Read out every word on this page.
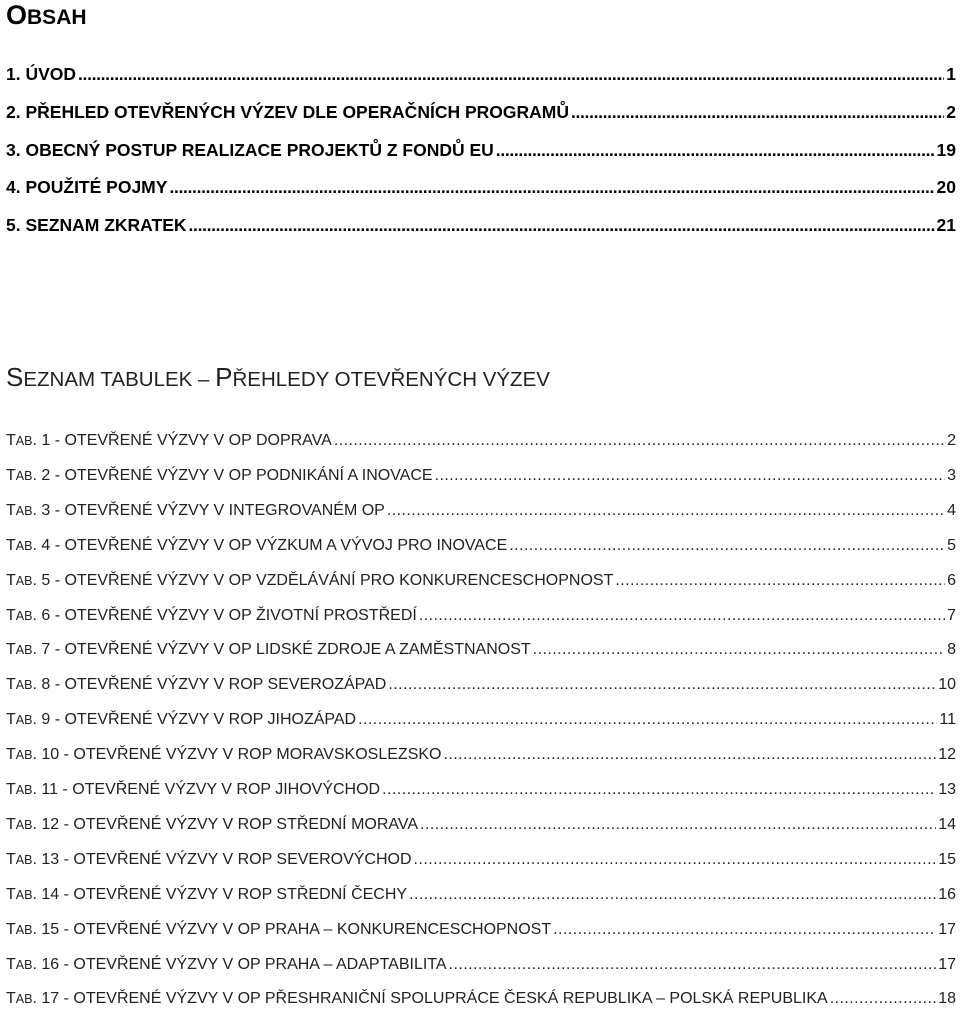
OBSAH
1. ÚVOD . . .	1
2. PŘEHLED OTEVŘENÝCH VÝZEV DLE OPERAČNÍCH PROGRAMŮ . . .	2
3. OBECNÝ POSTUP REALIZACE PROJEKTŮ Z FONDŮ EU . . .	19
4. POUŽITÉ POJMY . . .	20
5. SEZNAM ZKRATEK . . .	21
SEZNAM TABULEK – PŘEHLEDY OTEVŘENÝCH VÝZEV
T AB . 1 - OTEVŘENÉ VÝZVY V OP DOPRAVA . . .	2
T AB . 2 - OTEVŘENÉ VÝZVY V OP PODNIKÁNÍ A INOVACE . . .	3
T AB . 3 - OTEVŘENÉ VÝZVY V INTEGROVANÉM OP . . .	4
T AB . 4 - OTEVŘENÉ VÝZVY V OP VÝZKUM A VÝVOJ PRO INOVACE . . .	5
T AB . 5 - OTEVŘENÉ VÝZVY V OP VZDĚLÁVÁNÍ PRO KONKURENCESCHOPNOST . . .	6
T AB . 6 - OTEVŘENÉ VÝZVY V OP ŽIVOTNÍ PROSTŘEDÍ . . .	7
T AB . 7 - OTEVŘENÉ VÝZVY V OP LIDSKÉ ZDROJE A ZAMĚSTNANOST . . .	8
T AB . 8 - OTEVŘENÉ VÝZVY V ROP SEVEROZÁPAD . . .	10
T AB . 9 - OTEVŘENÉ VÝZVY V ROP JIHOZÁPAD . . .	11
T AB . 10 - OTEVŘENÉ VÝZVY V ROP MORAVSKOSLEZSKO . . .	12
T AB . 11 - OTEVŘENÉ VÝZVY V ROP JIHOVÝCHOD . . .	13
T AB . 12 - OTEVŘENÉ VÝZVY V ROP STŘEDNÍ MORAVA . . .	14
T AB . 13 - OTEVŘENÉ VÝZVY V ROP SEVEROVÝCHOD . . .	15
T AB . 14 - OTEVŘENÉ VÝZVY V ROP STŘEDNÍ ČECHY . . .	16
T AB . 15 - OTEVŘENÉ VÝZVY V OP PRAHA – KONKURENCESCHOPNOST . . .	17
T AB . 16 - OTEVŘENÉ VÝZVY V OP PRAHA – ADAPTABILITA . . .	17
T AB . 17 - OTEVŘENÉ VÝZVY V OP PŘESHRANIČNÍ SPOLUPRÁCE ČESKÁ REPUBLIKA – POLSKÁ REPUBLIKA . . .	18
